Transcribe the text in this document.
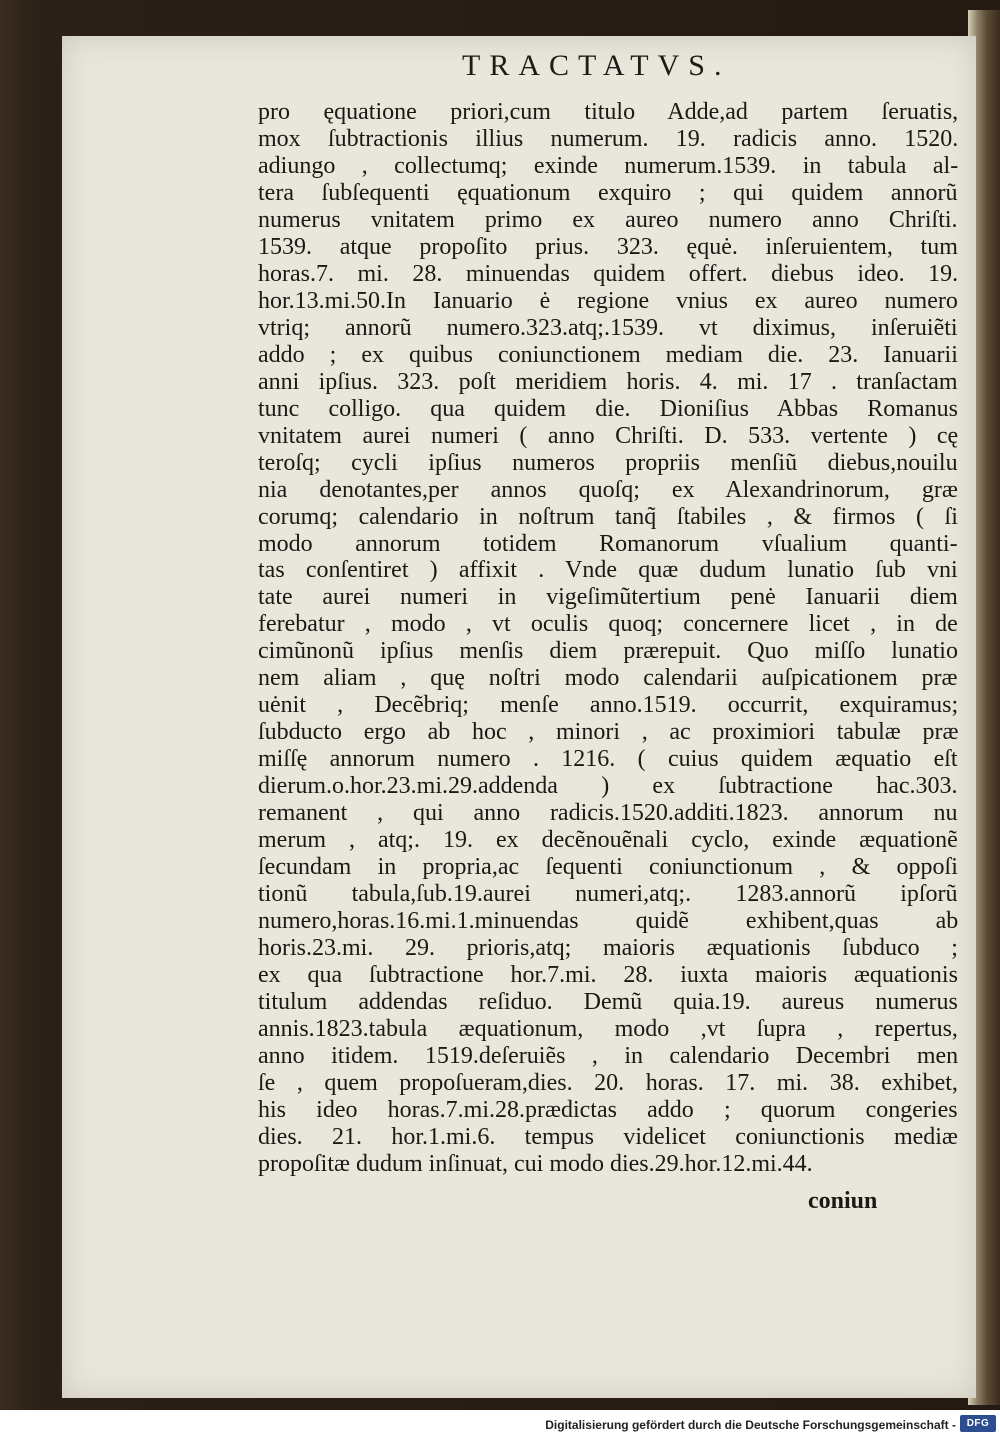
TRACTATVS.
pro ęquatione priori,cum titulo Adde,ad partem ſeruatis,
mox ſubtractionis illius numerum. 19. radicis anno. 1520.
adiungo , collectumq; exinde numerum.1539. in tabula al-
tera ſubſequenti ęquationum exquiro ; qui quidem annorũ
numerus vnitatem primo ex aureo numero anno Chriſti.
1539. atque propoſito prius. 323. ęquė. inſeruientem, tum
horas.7. mi. 28. minuendas quidem offert. diebus ideo. 19.
hor.13.mi.50.In Ianuario ė regione vnius ex aureo numero
vtriq; annorũ numero.323.atq;.1539. vt diximus, inſeruiẽti
addo ; ex quibus coniunctionem mediam die. 23. Ianuarii
anni ipſius. 323. poſt meridiem horis. 4. mi. 17 . tranſactam
tunc colligo. qua quidem die. Dioniſius Abbas Romanus
vnitatem aurei numeri ( anno Chriſti. D. 533. vertente ) cę
teroſq; cycli ipſius numeros propriis menſiũ diebus,nouilu
nia denotantes,per annos quoſq; ex Alexandrinorum, græ
corumq; calendario in noſtrum tanq̃ ſtabiles , & firmos ( ſi
modo annorum totidem Romanorum vſualium quanti-
tas conſentiret ) affixit . Vnde quæ dudum lunatio ſub vni
tate aurei numeri in vigeſimũtertium penė Ianuarii diem
ferebatur , modo , vt oculis quoq; concernere licet , in de
cimũnonũ ipſius menſis diem prærepuit. Quo miſſo lunatio
nem aliam , quę noſtri modo calendarii auſpicationem præ
uėnit , Decẽbriq; menſe anno.1519. occurrit, exquiramus;
ſubducto ergo ab hoc , minori , ac proximiori tabulæ præ
miſſę annorum numero . 1216. ( cuius quidem æquatio eſt
dierum.o.hor.23.mi.29.addenda ) ex ſubtractione hac.303.
remanent , qui anno radicis.1520.additi.1823. annorum nu
merum , atq;. 19. ex decẽnouẽnali cyclo, exinde æquationẽ
ſecundam in propria,ac ſequenti coniunctionum , & oppoſi
tionũ tabula,ſub.19.aurei numeri,atq;. 1283.annorũ ipſorũ
numero,horas.16.mi.1.minuendas quidẽ exhibent,quas ab
horis.23.mi. 29. prioris,atq; maioris æquationis ſubduco ;
ex qua ſubtractione hor.7.mi. 28. iuxta maioris æquationis
titulum addendas reſiduo. Demũ quia.19. aureus numerus
annis.1823.tabula æquationum, modo ,vt ſupra , repertus,
anno itidem. 1519.deſeruiẽs , in calendario Decembri men
ſe , quem propoſueram,dies. 20. horas. 17. mi. 38. exhibet,
his ideo horas.7.mi.28.prædictas addo ; quorum congeries
dies. 21. hor.1.mi.6. tempus videlicet coniunctionis mediæ
propoſitæ dudum inſinuat, cui modo dies.29.hor.12.mi.44.
coniun
Digitalisierung gefördert durch die Deutsche Forschungsgemeinschaft -	DFG
